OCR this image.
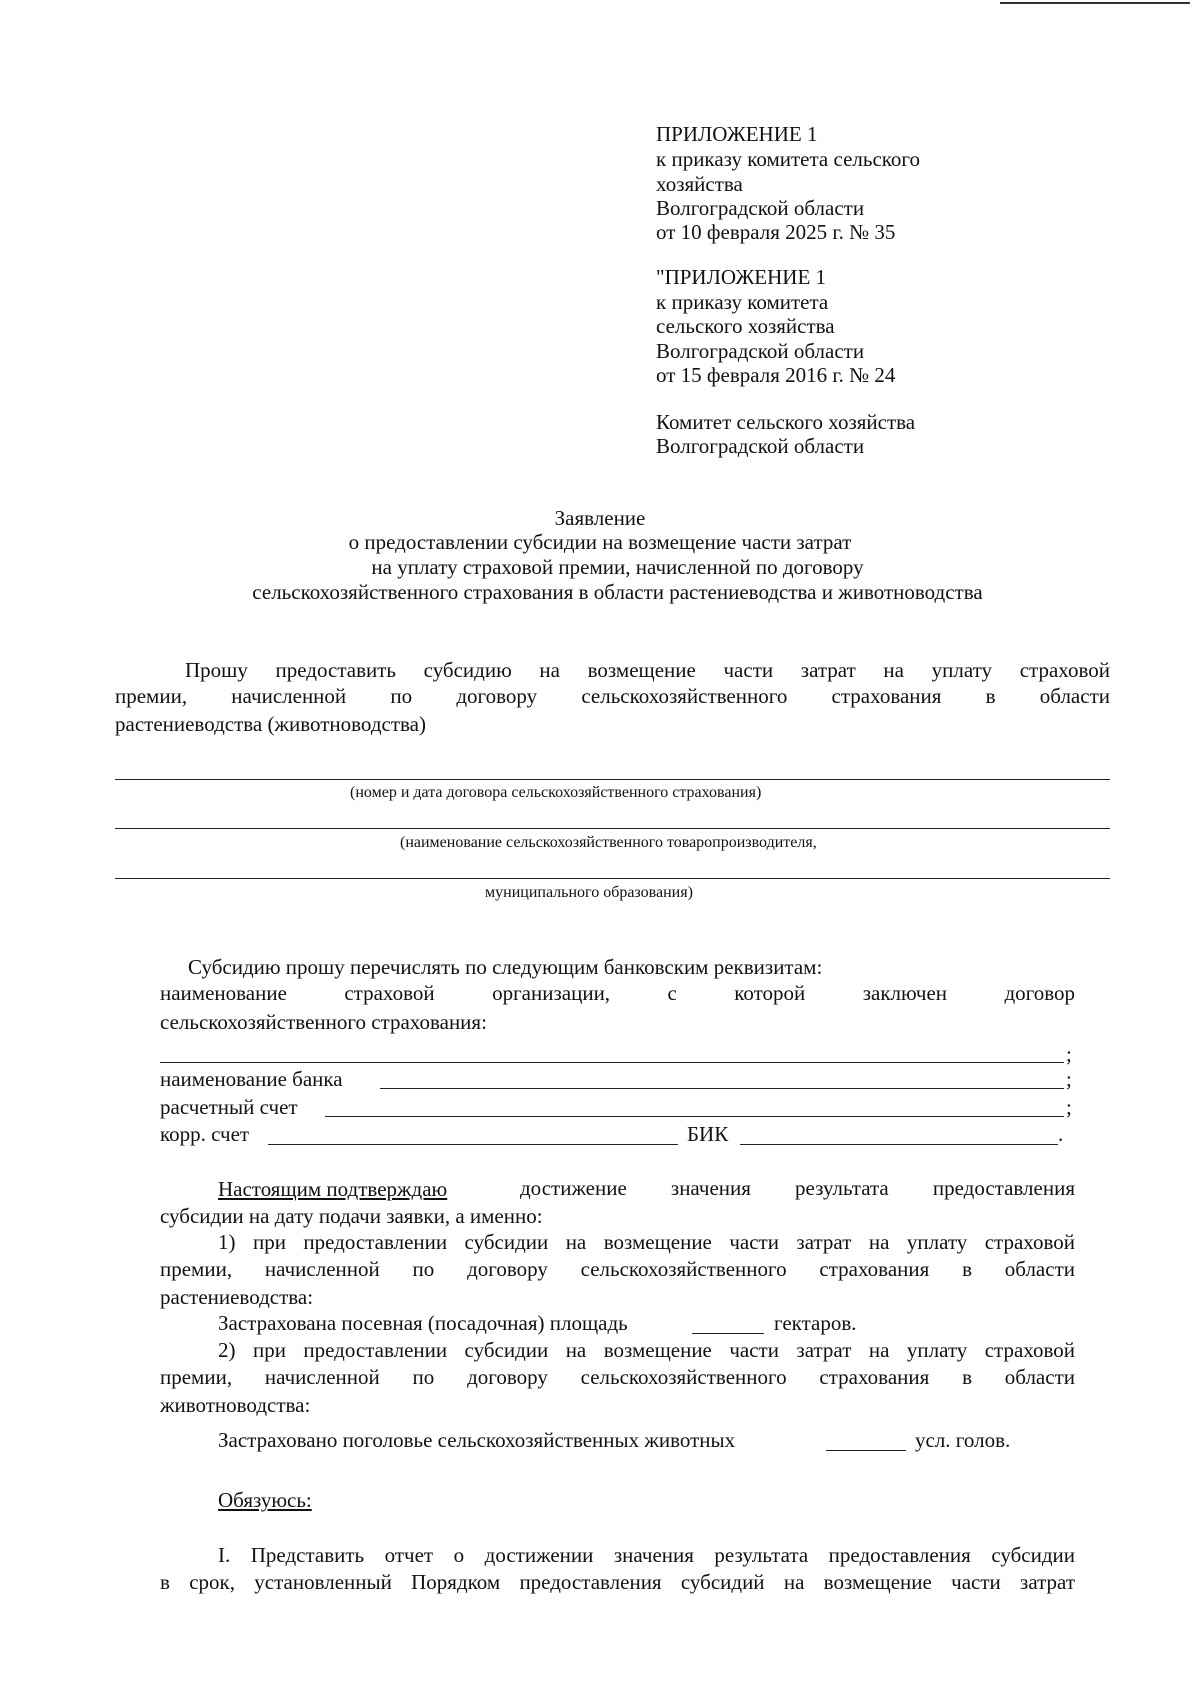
ПРИЛОЖЕНИЕ 1
к приказу комитета сельского
хозяйства
Волгоградской области
от 10 февраля 2025 г. № 35
"ПРИЛОЖЕНИЕ 1
к приказу комитета
сельского хозяйства
Волгоградской области
от 15 февраля 2016 г. № 24
Комитет сельского хозяйства
Волгоградской области
Заявление
о предоставлении субсидии на возмещение части затрат
на уплату страховой премии, начисленной по договору
сельскохозяйственного страхования в области растениеводства и животноводства
Прошу предоставить субсидию на возмещение части затрат на уплату страховой
премии, начисленной по договору сельскохозяйственного страхования в области
растениеводства (животноводства)
(номер и дата договора сельскохозяйственного страхования)
(наименование сельскохозяйственного товаропроизводителя,
муниципального образования)
Субсидию прошу перечислять по следующим банковским реквизитам:
наименование страховой организации, с которой заключен договор
сельскохозяйственного страхования:
;
наименование банка	;
расчетный счет	;
корр. счет	БИК	.
Настоящим подтверждаю	достижение значения результата предоставления
субсидии на дату подачи заявки, а именно:
1) при предоставлении субсидии на возмещение части затрат на уплату страховой
премии, начисленной по договору сельскохозяйственного страхования в области
растениеводства:
Застрахована посевная (посадочная) площадь	гектаров.
2) при предоставлении субсидии на возмещение части затрат на уплату страховой
премии, начисленной по договору сельскохозяйственного страхования в области
животноводства:
Застраховано поголовье сельскохозяйственных животных	усл. голов.
Обязуюсь:
I. Представить отчет о достижении значения результата предоставления субсидии
в срок, установленный Порядком предоставления субсидий на возмещение части затрат
